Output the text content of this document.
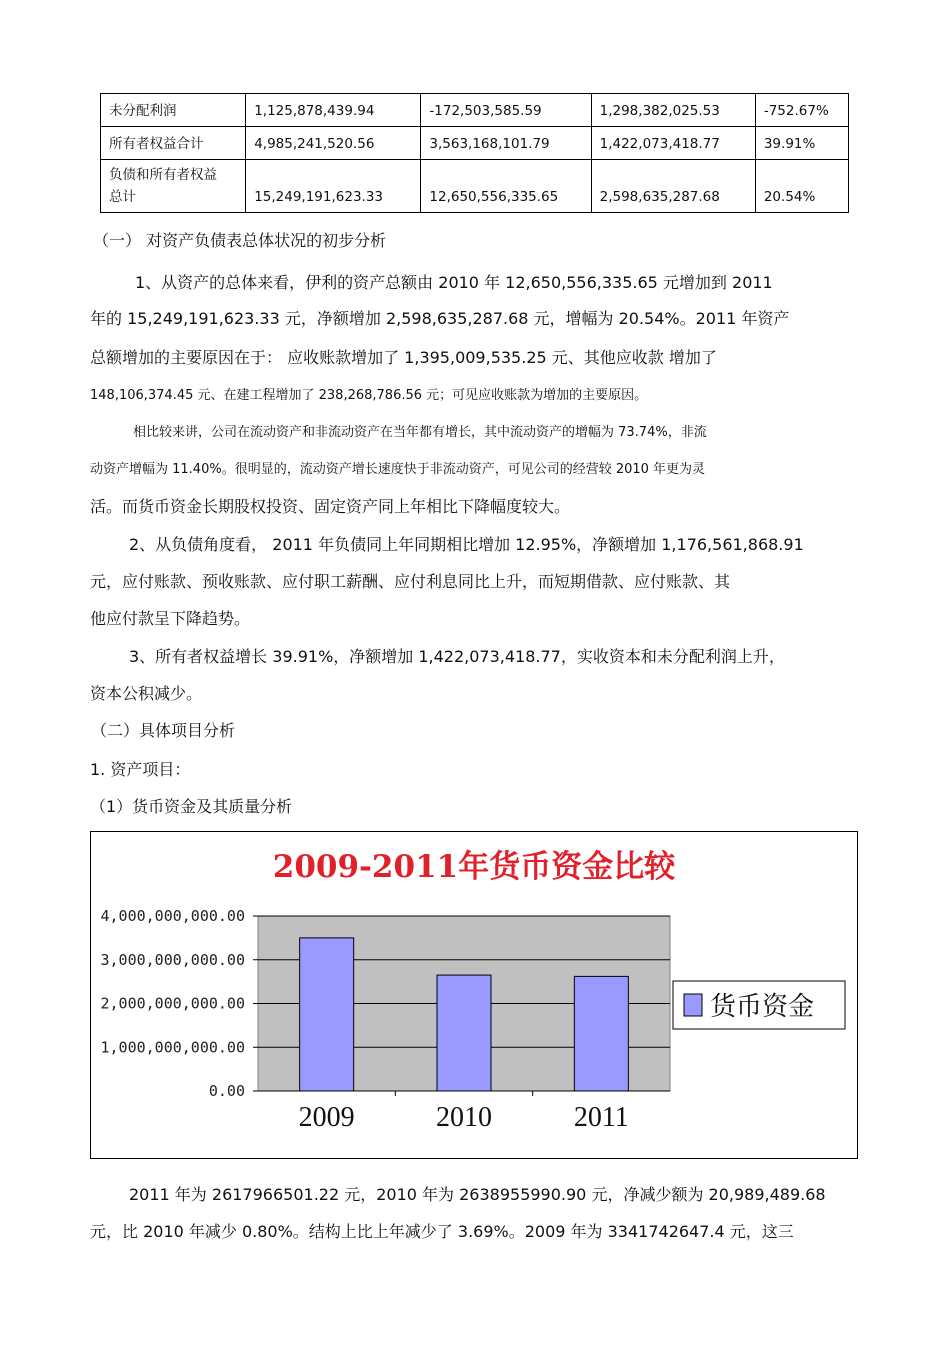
未分配利润	1,125,878,439.94	-172,503,585.59	1,298,382,025.53	-752.67%
所有者权益合计	4,985,241,520.56	3,563,168,101.79	1,422,073,418.77	39.91%
负债和所有者权益总计	15,249,191,623.33	12,650,556,335.65	2,598,635,287.68	20.54%
（一） 对资产负债表总体状况的初步分析
1、从资产的总体来看，伊利的资产总额由 2010 年 12,650,556,335.65 元增加到 2011
年的 15,249,191,623.33 元，净额增加 2,598,635,287.68 元，增幅为 20.54%。2011 年资产
总额增加的主要原因在于： 应收账款增加了 1,395,009,535.25 元、其他应收款 增加了
148,106,374.45 元、在建工程增加了 238,268,786.56 元；可见应收账款为增加的主要原因。
相比较来讲，公司在流动资产和非流动资产在当年都有增长，其中流动资产的增幅为 73.74%，非流
动资产增幅为 11.40%。很明显的，流动资产增长速度快于非流动资产，可见公司的经营较 2010 年更为灵
活。而货币资金长期股权投资、固定资产同上年相比下降幅度较大。
2、从负债角度看， 2011 年负债同上年同期相比增加 12.95%，净额增加 1,176,561,868.91
元，应付账款、预收账款、应付职工薪酬、应付利息同比上升，而短期借款、应付账款、其
他应付款呈下降趋势。
3、所有者权益增长 39.91%，净额增加 1,422,073,418.77，实收资本和未分配利润上升，
资本公积减少。
（二）具体项目分析
1. 资产项目：
（1）货币资金及其质量分析
2009-2011年货币资金比较
0.00
1,000,000,000.00
2,000,000,000.00
3,000,000,000.00
4,000,000,000.00
2009	2010	2011
货币资金
2011 年为 2617966501.22 元，2010 年为 2638955990.90 元，净减少额为 20,989,489.68
元，比 2010 年减少 0.80%。结构上比上年减少了 3.69%。2009 年为 3341742647.4 元，这三
